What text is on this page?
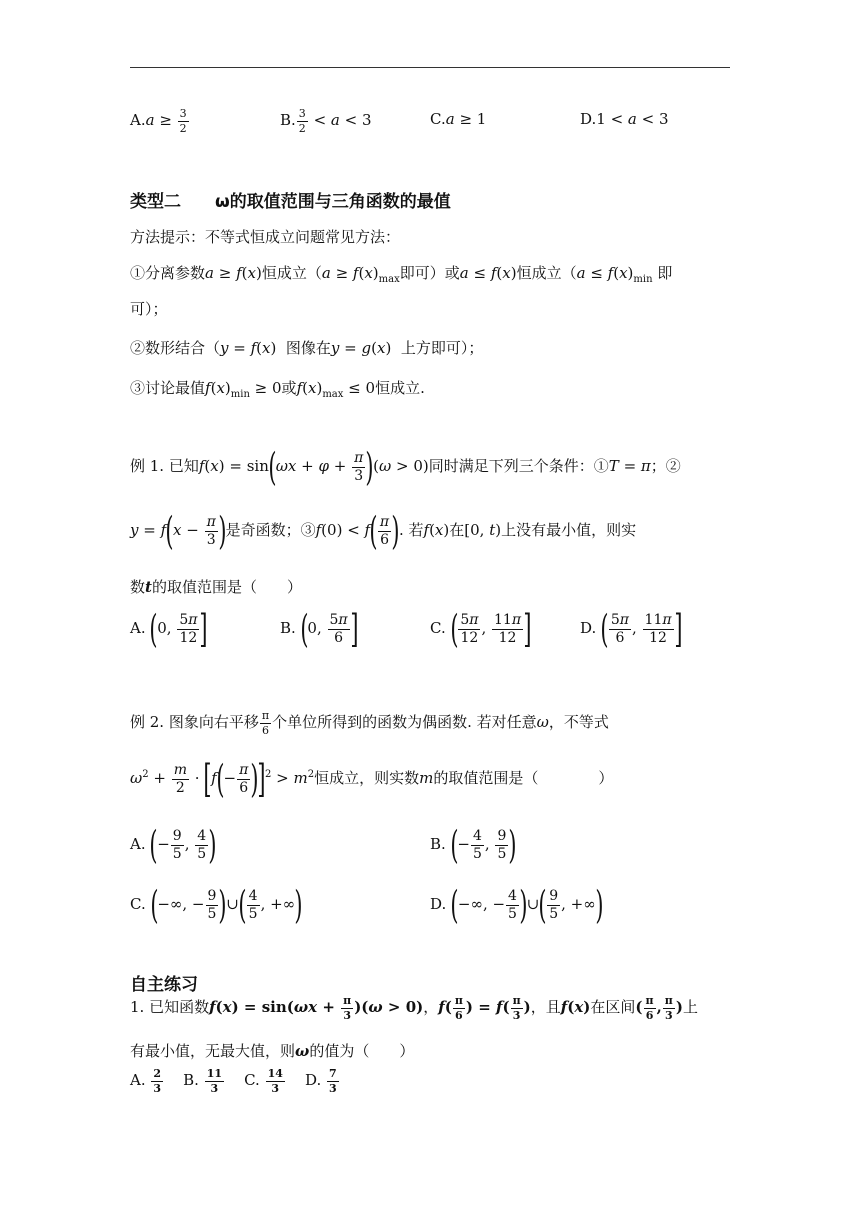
$A.a \ge \frac{3}{2}$	B. $\frac{3}{2} < a < 3$	C.a ≥ 1	D.1 < a < 3
类型二　　ω的取值范围与三角函数的最值
方法提示：不等式恒成立问题常见方法：
①分离参数a ≥ f(x)恒成立（$a \ge f(x)_{max}$即可）或a ≤ f(x)恒成立（$a \le f(x)_{min}$ 即
可）；
②数形结合（y = f(x)  图像在y = g(x)  上方即可）；
③讨论最值$f(x)_{min} \ge 0$或$f(x)_{max} \le 0$恒成立.
例 1. 已知$f(x) = \sin(\omega x + \varphi + \frac{\pi}{3} )(\omega > 0)$同时满足下列三个条件：①T = π；②
$y = f(x - \frac{\pi}{3}$ )是奇函数；③f(0) < $f( \frac{\pi}{6}$ ). 若f(x)在[0, t)上没有最小值，则实
数t的取值范围是（　　）
A. (0, $\frac{5\pi}{12}$ ]	B. (0, $\frac{5\pi}{6}$ ]	C. ( $\frac{5\pi}{12}$ , $\frac{11\pi}{12}$ ]	D. ( $\frac{5\pi}{6}$ , $\frac{11\pi}{12}$ ]
例 2. 图象向右平移 $\frac{\pi}{6}$ 个单位所得到的函数为偶函数. 若对任意ω，不等式
$\omega^2 + \frac{m}{2} \cdot [f(- \frac{\pi}{6} )]^2 > m^2$恒成立，则实数m的取值范围是（　　　　）
A. (− $\frac{9}{5}$ , $\frac{4}{5}$ )	B. (− $\frac{4}{5}$ , $\frac{9}{5}$ )
C. (−∞, − $\frac{9}{5}$ )∪( $\frac{4}{5}$ , +∞)	D. (−∞, − $\frac{4}{5}$ )∪( $\frac{9}{5}$ , +∞)
自主练习
1. 已知函数$f(x) = \sin(\omega x + \frac{\pi}{3} )(\omega > 0)$，$f( \frac{\pi}{6}$ ) = $f( \frac{\pi}{3}$ )，且f(x)在区间( $\frac{\pi}{6}$ , $\frac{\pi}{3}$ )上
有最小值，无最大值，则ω的值为（　　）
A. $\frac{2}{3} B$. $\frac{11}{3} C$. $\frac{14}{3} D$. $\frac{7}{3}$
